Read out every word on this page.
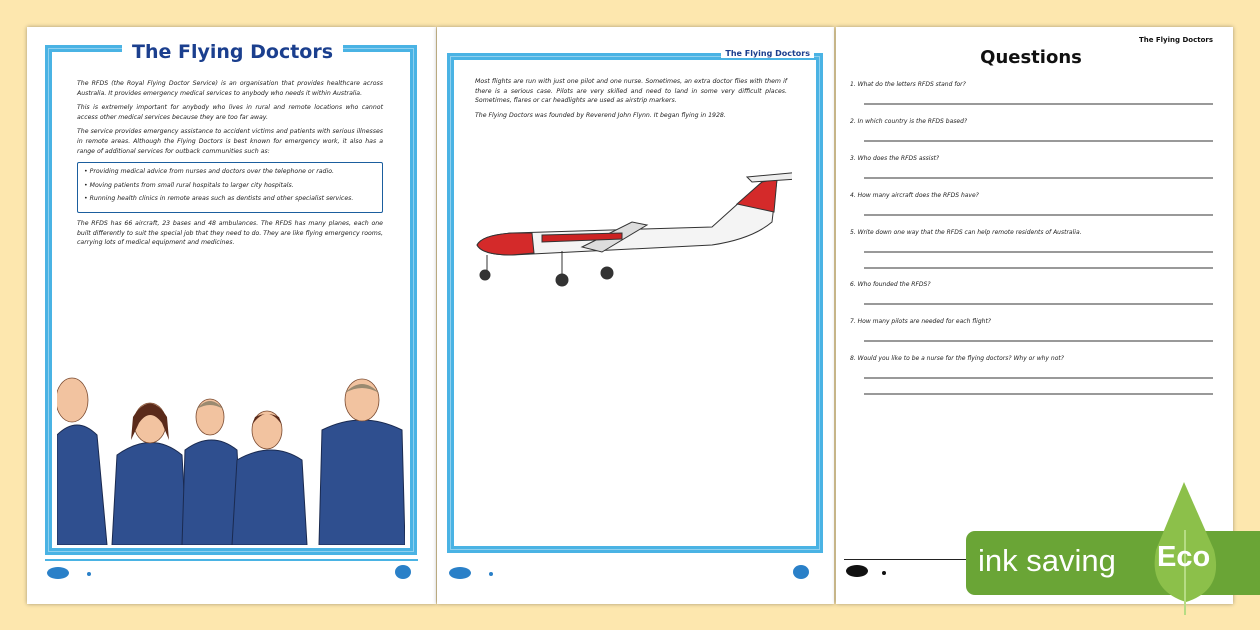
The Flying Doctors

The RFDS (the Royal Flying Doctor Service) is an organisation that provides healthcare across Australia. It provides emergency medical services to anybody who needs it within Australia.

This is extremely important for anybody who lives in rural and remote locations who cannot access other medical services because they are too far away.

The service provides emergency assistance to accident victims and patients with serious illnesses in remote areas. Although the Flying Doctors is best known for emergency work, it also has a range of additional services for outback communities such as:

• Providing medical advice from nurses and doctors over the telephone or radio.
• Moving patients from small rural hospitals to larger city hospitals.
• Running health clinics in remote areas such as dentists and other specialist services.

The RFDS has 66 aircraft, 23 bases and 48 ambulances. The RFDS has many planes, each one built differently to suit the special job that they need to do. They are like flying emergency rooms, carrying lots of medical equipment and medicines.

The Flying Doctors

Most flights are run with just one pilot and one nurse. Sometimes, an extra doctor flies with them if there is a serious case. Pilots are very skilled and need to land in some very difficult places. Sometimes, flares or car headlights are used as airstrip markers.

The Flying Doctors was founded by Reverend John Flynn. It began flying in 1928.

The Flying Doctors
Questions
1. What do the letters RFDS stand for?
2. In which country is the RFDS based?
3. Who does the RFDS assist?
4. How many aircraft does the RFDS have?
5. Write down one way that the RFDS can help remote residents of Australia.
6. Who founded the RFDS?
7. How many pilots are needed for each flight?
8. Would you like to be a nurse for the flying doctors? Why or why not?
ink saving Eco
